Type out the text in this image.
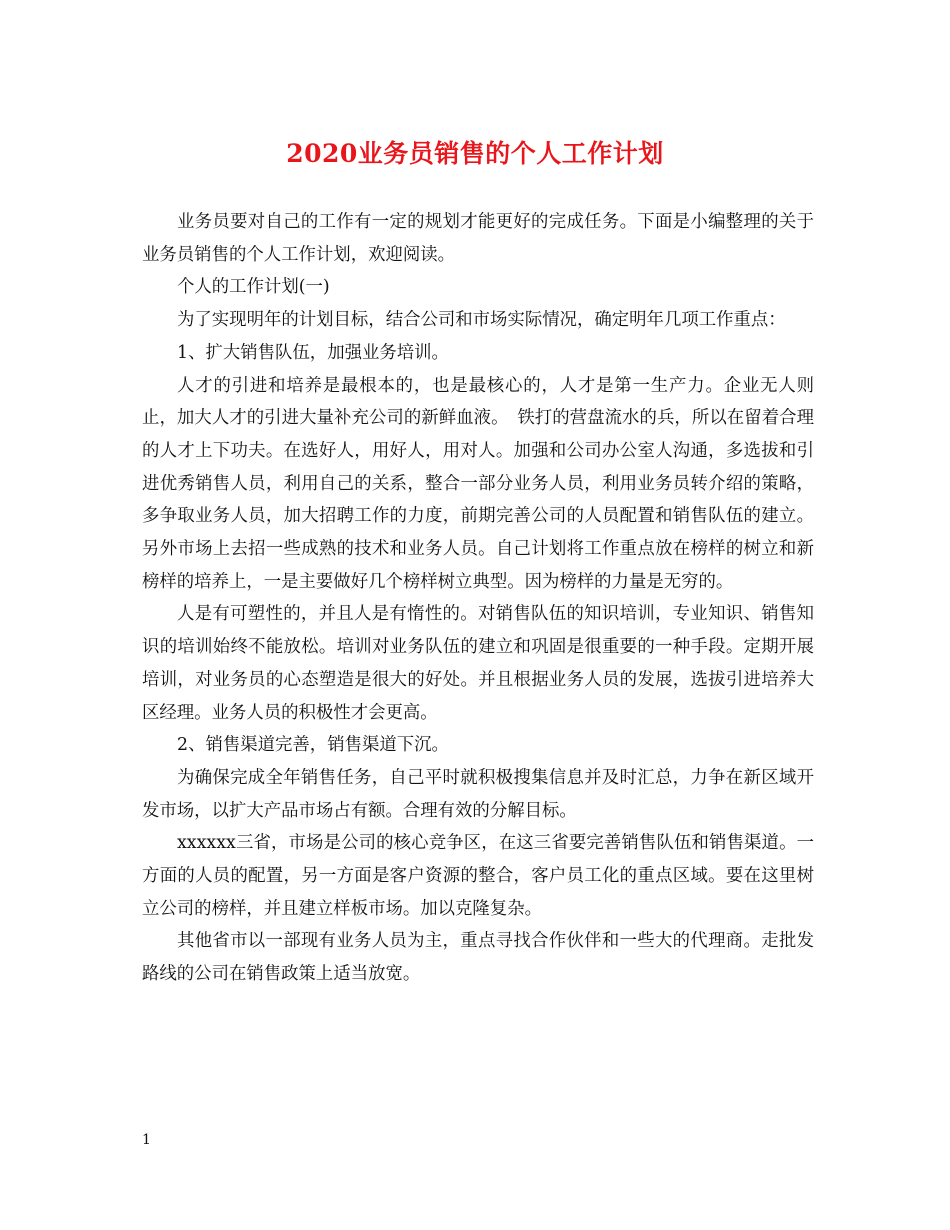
2020业务员销售的个人工作计划

业务员要对自己的工作有一定的规划才能更好的完成任务。下面是小编整理的关于业务员销售的个人工作计划，欢迎阅读。

个人的工作计划(一)

为了实现明年的计划目标，结合公司和市场实际情况，确定明年几项工作重点：

1、扩大销售队伍，加强业务培训。

人才的引进和培养是最根本的，也是最核心的，人才是第一生产力。企业无人则止，加大人才的引进大量补充公司的新鲜血液。　铁打的营盘流水的兵，所以在留着合理的人才上下功夫。在选好人，用好人，用对人。加强和公司办公室人沟通，多选拔和引进优秀销售人员，利用自己的关系，整合一部分业务人员，利用业务员转介绍的策略，多争取业务人员，加大招聘工作的力度，前期完善公司的人员配置和销售队伍的建立。另外市场上去招一些成熟的技术和业务人员。自己计划将工作重点放在榜样的树立和新榜样的培养上，一是主要做好几个榜样树立典型。因为榜样的力量是无穷的。

人是有可塑性的，并且人是有惰性的。对销售队伍的知识培训，专业知识、销售知识的培训始终不能放松。培训对业务队伍的建立和巩固是很重要的一种手段。定期开展培训，对业务员的心态塑造是很大的好处。并且根据业务人员的发展，选拔引进培养大区经理。业务人员的积极性才会更高。

2、销售渠道完善，销售渠道下沉。

为确保完成全年销售任务，自己平时就积极搜集信息并及时汇总，力争在新区域开发市场，以扩大产品市场占有额。合理有效的分解目标。

xxxxxx三省，市场是公司的核心竞争区，在这三省要完善销售队伍和销售渠道。一方面的人员的配置，另一方面是客户资源的整合，客户员工化的重点区域。要在这里树立公司的榜样，并且建立样板市场。加以克隆复杂。

其他省市以一部现有业务人员为主，重点寻找合作伙伴和一些大的代理商。走批发路线的公司在销售政策上适当放宽。

1
